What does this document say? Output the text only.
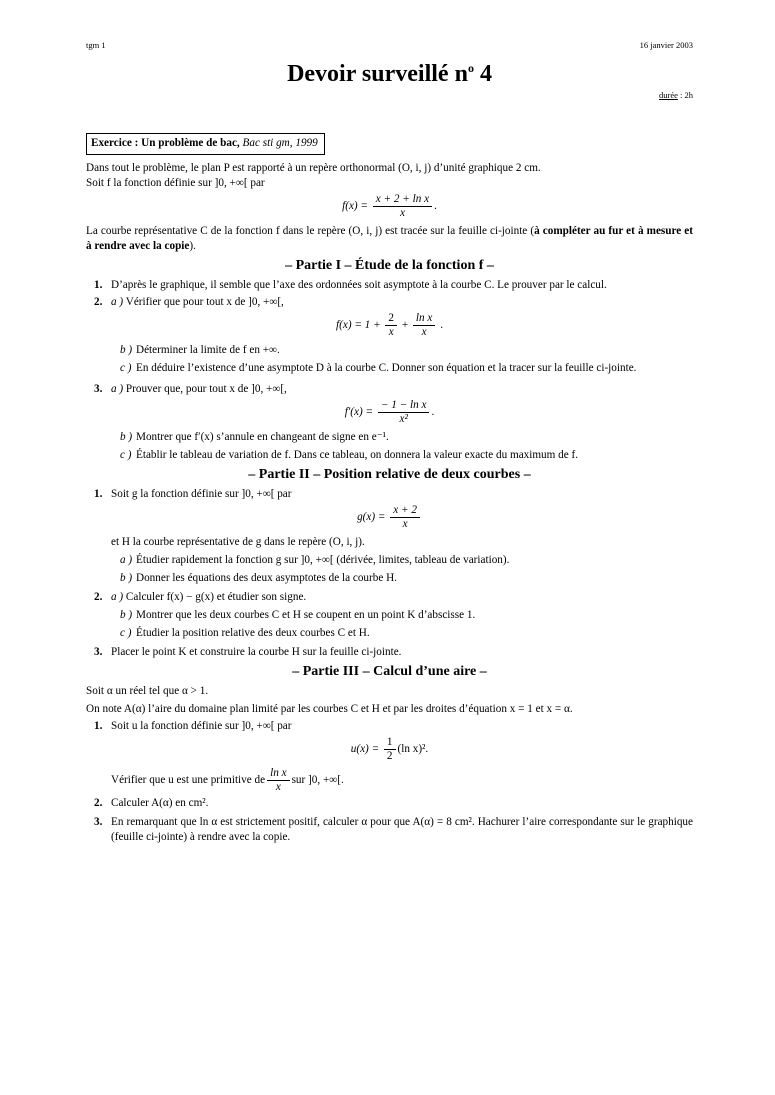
tgm 1	16 janvier 2003
Devoir surveillé $n^o$ 4
durée : 2h
Exercice : Un problème de bac, Bac sti gm, 1999

Dans tout le problème, le plan P est rapporté à un repère orthonormal (O, i, j) d’unité graphique 2 cm.

Soit f la fonction définie sur ]0, +∞[ par

$f(x) = \frac{\text{x + 2 + ln x}}{x}$ .

La courbe représentative C de la fonction f dans le repère (O, i, j) est tracée sur la feuille ci-jointe (à compléter au fur et à mesure et à rendre avec la copie).

– Partie I – Étude de la fonction f –
1. D’après le graphique, il semble que l’axe des ordonnées soit asymptote à la courbe C. Le prouver par le calcul.
2. a ) Vérifier que pour tout x de ]0, +∞[,
$f(x) = 1 + \frac{2}{x} + \frac{\text{ln x}}{x}$ .
b ) Déterminer la limite de f en +∞.
c ) En déduire l’existence d’une asymptote D à la courbe C. Donner son équation et la tracer sur la feuille ci-jointe.
3. a ) Prouver que, pour tout x de ]0, +∞[,
$f'(x) = \frac{\text{− 1 − ln x}}{\text{x²}}$ .
b ) Montrer que f′(x) s’annule en changeant de signe en e⁻¹.
c ) Établir le tableau de variation de f. Dans ce tableau, on donnera la valeur exacte du maximum de f.
– Partie II – Position relative de deux courbes –
1. Soit g la fonction définie sur ]0, +∞[ par
$g(x) = \frac{x + 2}{x}$

et H la courbe représentative de g dans le repère (O, i, j).

a ) Étudier rapidement la fonction g sur ]0, +∞[ (dérivée, limites, tableau de variation).
b ) Donner les équations des deux asymptotes de la courbe H.
2. a ) Calculer f(x) − g(x) et étudier son signe.
b ) Montrer que les deux courbes C et H se coupent en un point K d’abscisse 1.
c ) Étudier la position relative des deux courbes C et H.
3. Placer le point K et construire la courbe H sur la feuille ci-jointe.
– Partie III – Calcul d’une aire –

Soit α un réel tel que α > 1.

On note A(α) l’aire du domaine plan limité par les courbes C et H et par les droites d’équation x = 1 et x = α.

1. Soit u la fonction définie sur ]0, +∞[ par
$u(x) = \frac{1}{2} (\ln$ x)².

Vérifier que u est une primitive de $\frac{\text{ln x}}{x}$ sur ]0, +∞[.

2. Calculer A(α) en cm².
3. En remarquant que ln α est strictement positif, calculer α pour que A(α) = 8 cm². Hachurer l’aire correspondante sur le graphique (feuille ci-jointe) à rendre avec la copie.
